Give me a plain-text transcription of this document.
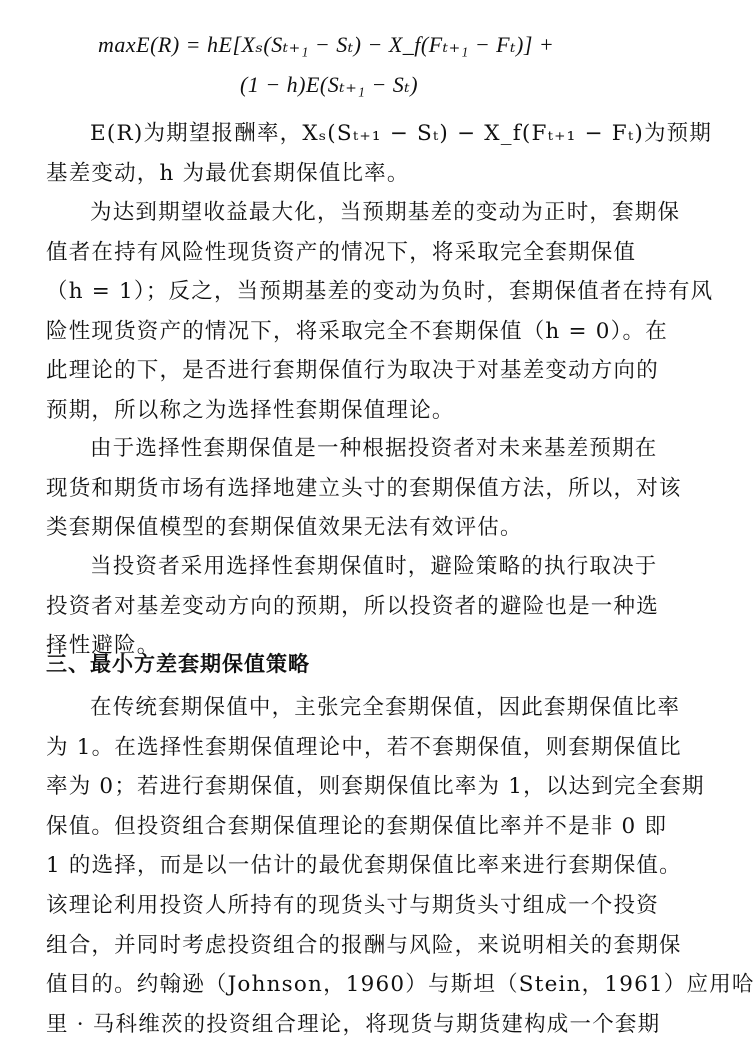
maxE(R) = hE[Xₛ(Sₜ₊₁ − Sₜ) − X_f(Fₜ₊₁ − Fₜ)] +
(1 − h)E(Sₜ₊₁ − Sₜ)
E(R)为期望报酬率，Xₛ(Sₜ₊₁ − Sₜ) − X_f(Fₜ₊₁ − Fₜ)为预期
基差变动，h 为最优套期保值比率。
为达到期望收益最大化，当预期基差的变动为正时，套期保
值者在持有风险性现货资产的情况下，将采取完全套期保值
（h = 1）；反之，当预期基差的变动为负时，套期保值者在持有风
险性现货资产的情况下，将采取完全不套期保值（h = 0）。在
此理论的下，是否进行套期保值行为取决于对基差变动方向的
预期，所以称之为选择性套期保值理论。
由于选择性套期保值是一种根据投资者对未来基差预期在
现货和期货市场有选择地建立头寸的套期保值方法，所以，对该
类套期保值模型的套期保值效果无法有效评估。
当投资者采用选择性套期保值时，避险策略的执行取决于
投资者对基差变动方向的预期，所以投资者的避险也是一种选
择性避险。
三、最小方差套期保值策略
在传统套期保值中，主张完全套期保值，因此套期保值比率
为 1。在选择性套期保值理论中，若不套期保值，则套期保值比
率为 0；若进行套期保值，则套期保值比率为 1，以达到完全套期
保值。但投资组合套期保值理论的套期保值比率并不是非 0 即
1 的选择，而是以一估计的最优套期保值比率来进行套期保值。
该理论利用投资人所持有的现货头寸与期货头寸组成一个投资
组合，并同时考虑投资组合的报酬与风险，来说明相关的套期保
值目的。约翰逊（Johnson，1960）与斯坦（Stein，1961）应用哈
里 · 马科维茨的投资组合理论，将现货与期货建构成一个套期
